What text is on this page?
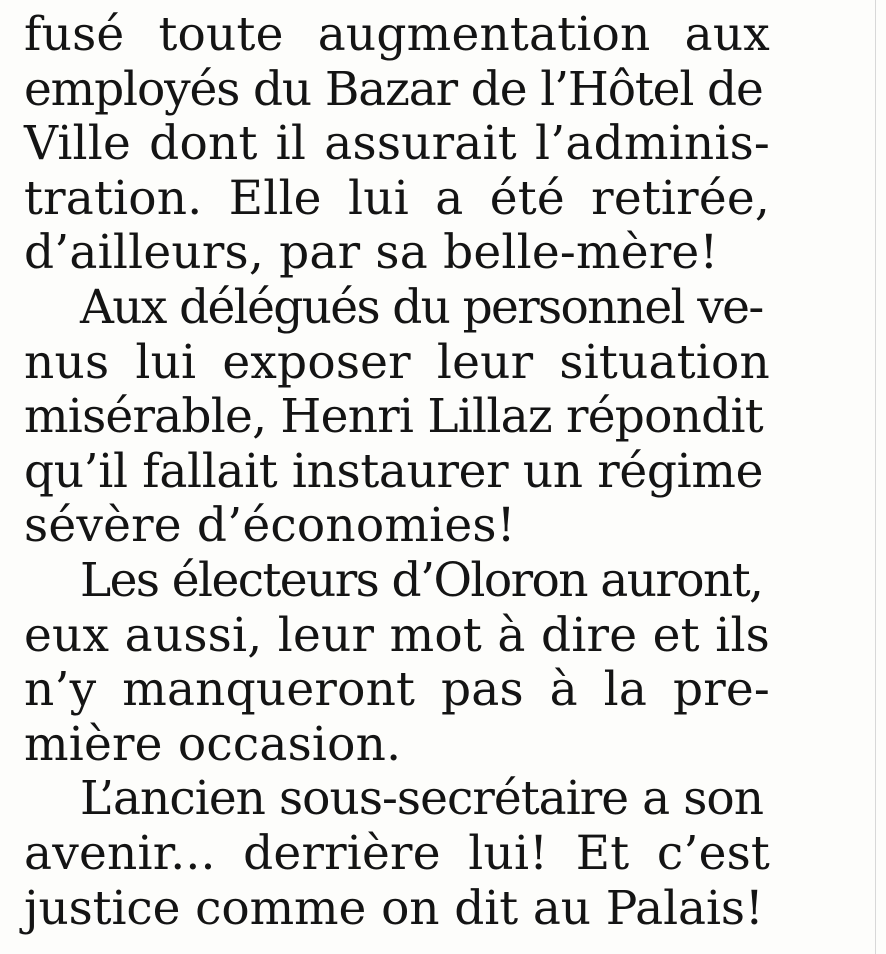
fusé toute augmentation aux
employés du Bazar de l’Hôtel de
Ville dont il assurait l’adminis-
tration. Elle lui a été retirée,
d’ailleurs, par sa belle-mère!
Aux délégués du personnel ve-
nus lui exposer leur situation
misérable, Henri Lillaz répondit
qu’il fallait instaurer un régime
sévère d’économies!
Les électeurs d’Oloron auront,
eux aussi, leur mot à dire et ils
n’y manqueront pas à la pre-
mière occasion.
L’ancien sous-secrétaire a son
avenir... derrière lui! Et c’est
justice comme on dit au Palais!
